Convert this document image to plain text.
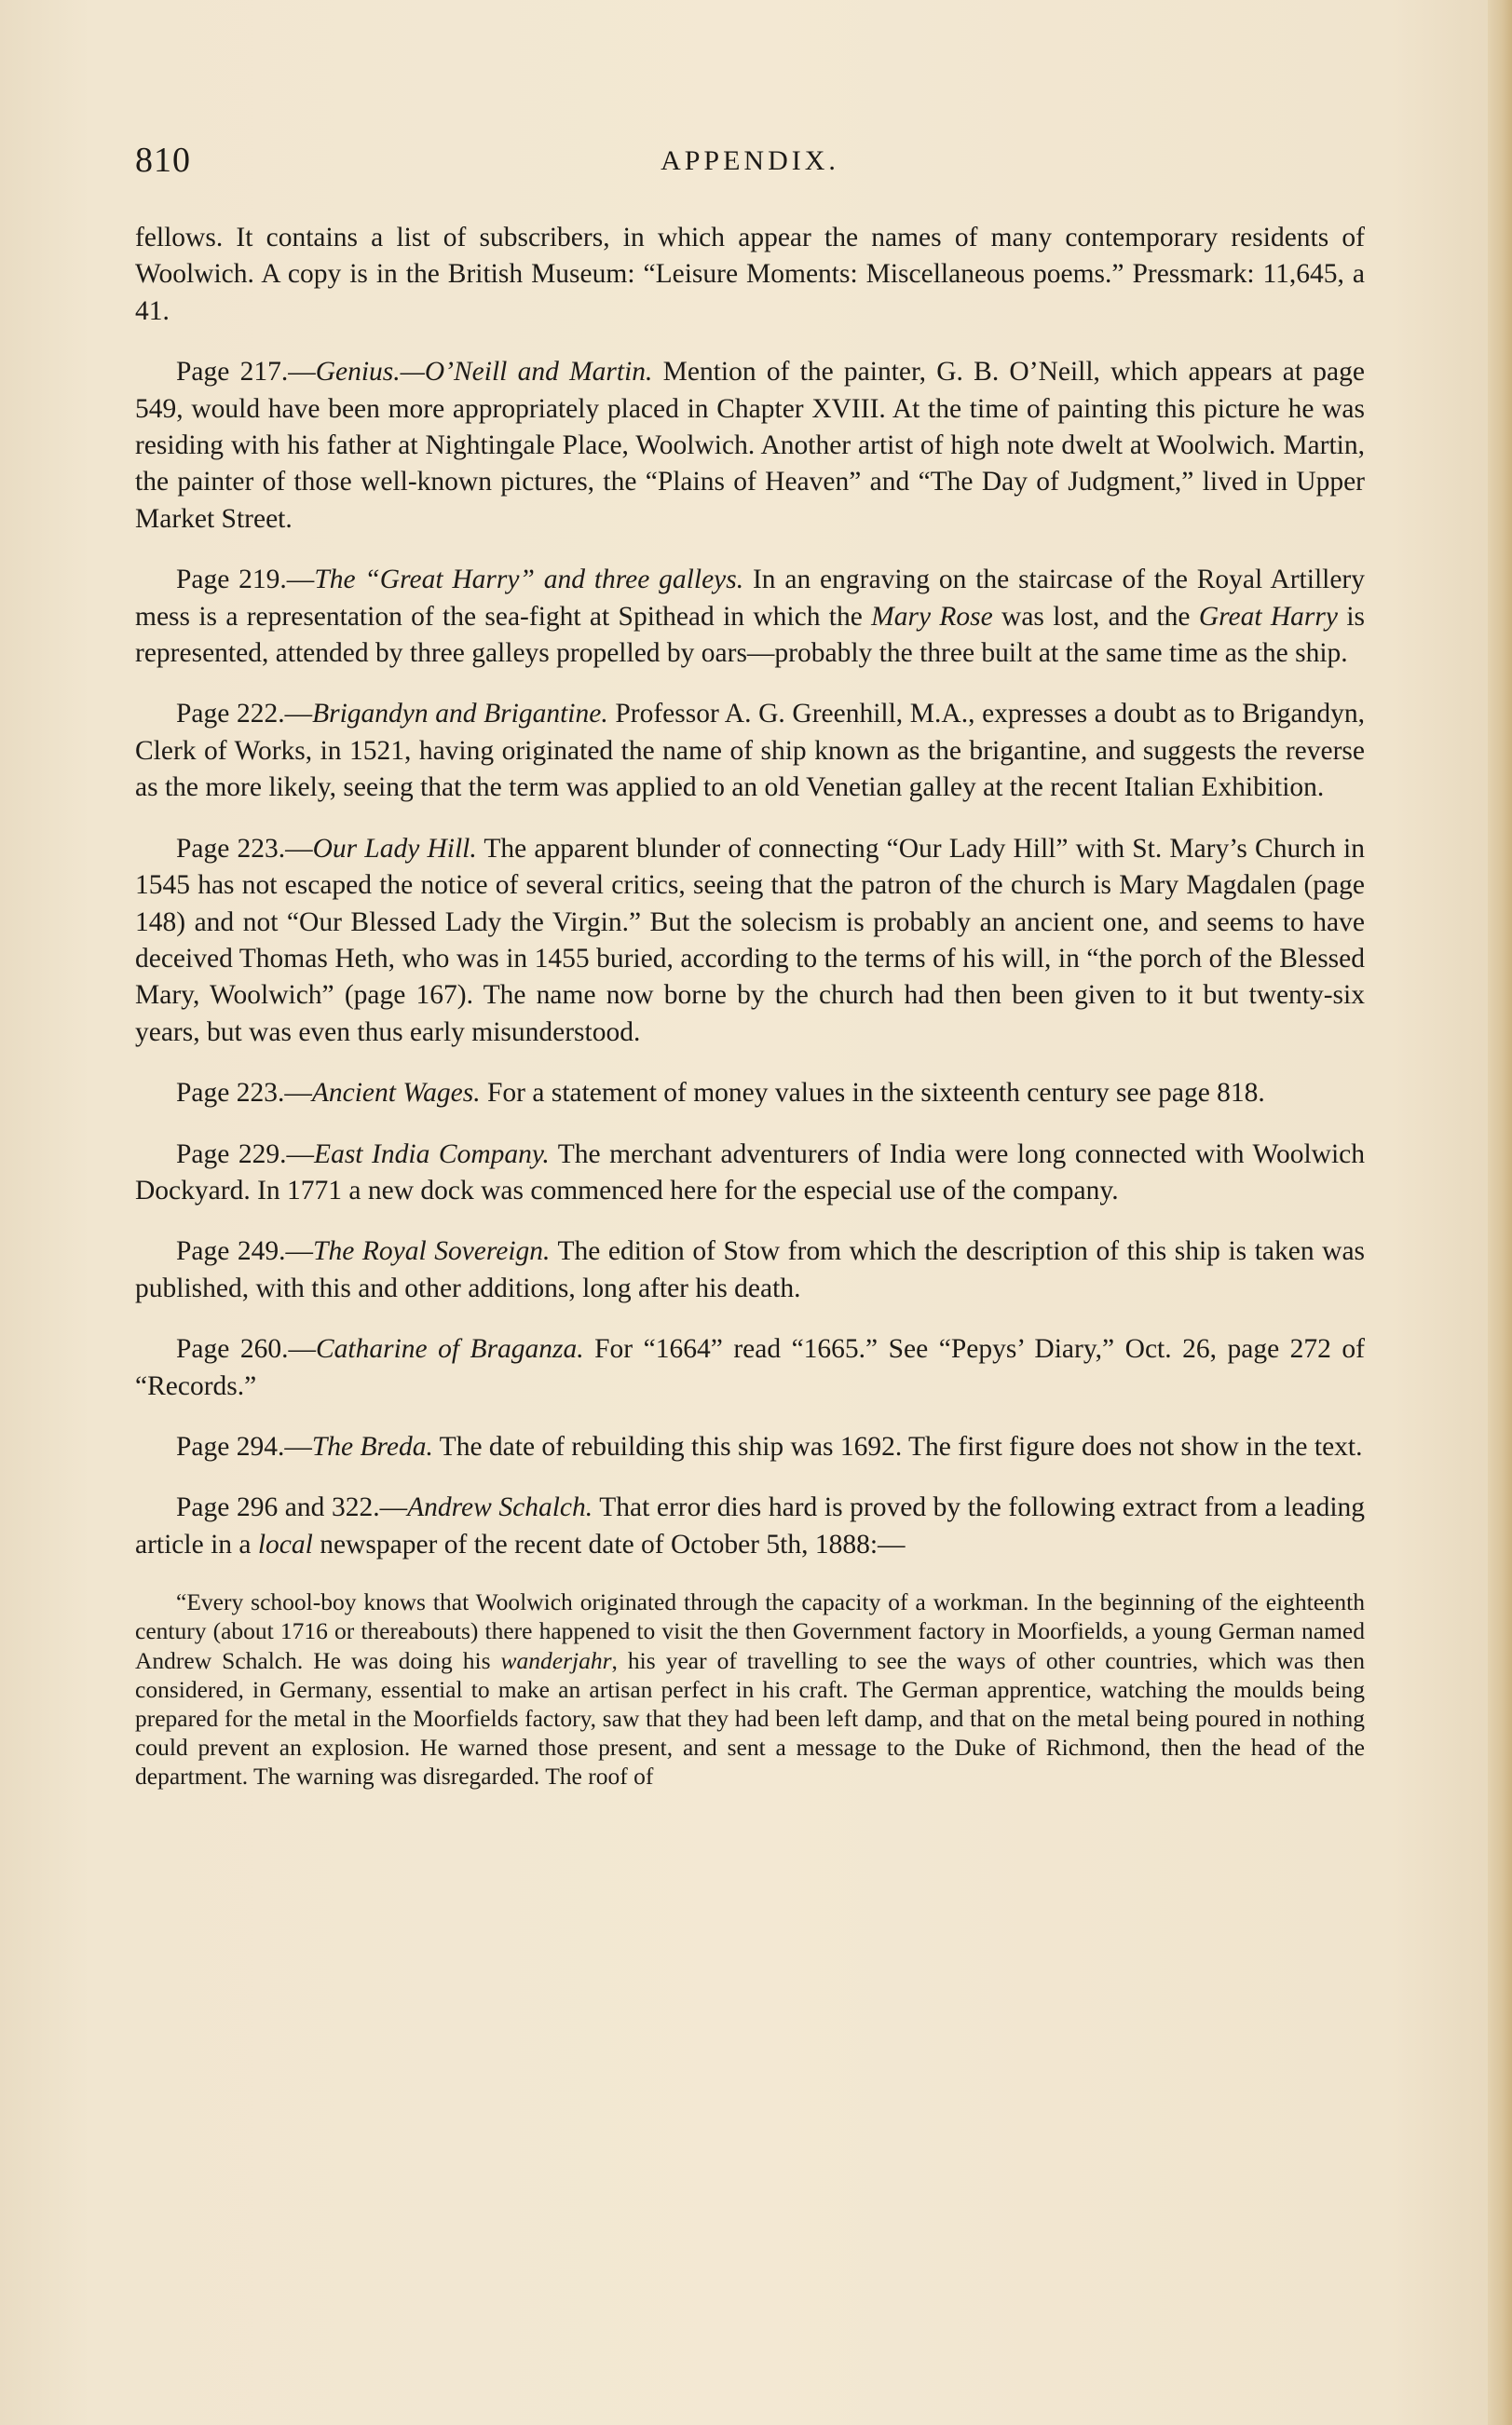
810	APPENDIX.

fellows. It contains a list of subscribers, in which appear the names of many contemporary residents of Woolwich. A copy is in the British Museum: “Leisure Moments: Miscellaneous poems.” Pressmark: 11,645, a 41.

Page 217.—Genius.—O’Neill and Martin. Mention of the painter, G. B. O’Neill, which appears at page 549, would have been more appropriately placed in Chapter XVIII. At the time of painting this picture he was residing with his father at Nightingale Place, Woolwich. Another artist of high note dwelt at Woolwich. Martin, the painter of those well-known pictures, the “Plains of Heaven” and “The Day of Judgment,” lived in Upper Market Street.

Page 219.—The “Great Harry” and three galleys. In an engraving on the staircase of the Royal Artillery mess is a representation of the sea-fight at Spithead in which the Mary Rose was lost, and the Great Harry is represented, attended by three galleys propelled by oars—probably the three built at the same time as the ship.

Page 222.—Brigandyn and Brigantine. Professor A. G. Greenhill, M.A., expresses a doubt as to Brigandyn, Clerk of Works, in 1521, having originated the name of ship known as the brigantine, and suggests the reverse as the more likely, seeing that the term was applied to an old Venetian galley at the recent Italian Exhibition.

Page 223.—Our Lady Hill. The apparent blunder of connecting “Our Lady Hill” with St. Mary’s Church in 1545 has not escaped the notice of several critics, seeing that the patron of the church is Mary Magdalen (page 148) and not “Our Blessed Lady the Virgin.” But the solecism is probably an ancient one, and seems to have deceived Thomas Heth, who was in 1455 buried, according to the terms of his will, in “the porch of the Blessed Mary, Woolwich” (page 167). The name now borne by the church had then been given to it but twenty-six years, but was even thus early misunderstood.

Page 223.—Ancient Wages. For a statement of money values in the sixteenth century see page 818.

Page 229.—East India Company. The merchant adventurers of India were long connected with Woolwich Dockyard. In 1771 a new dock was commenced here for the especial use of the company.

Page 249.—The Royal Sovereign. The edition of Stow from which the description of this ship is taken was published, with this and other additions, long after his death.

Page 260.—Catharine of Braganza. For “1664” read “1665.” See “Pepys’ Diary,” Oct. 26, page 272 of “Records.”

Page 294.—The Breda. The date of rebuilding this ship was 1692. The first figure does not show in the text.

Page 296 and 322.—Andrew Schalch. That error dies hard is proved by the following extract from a leading article in a local newspaper of the recent date of October 5th, 1888:—

“Every school-boy knows that Woolwich originated through the capacity of a workman. In the beginning of the eighteenth century (about 1716 or thereabouts) there happened to visit the then Government factory in Moorfields, a young German named Andrew Schalch. He was doing his wanderjahr, his year of travelling to see the ways of other countries, which was then considered, in Germany, essential to make an artisan perfect in his craft. The German apprentice, watching the moulds being prepared for the metal in the Moorfields factory, saw that they had been left damp, and that on the metal being poured in nothing could prevent an explosion. He warned those present, and sent a message to the Duke of Richmond, then the head of the department. The warning was disregarded. The roof of
